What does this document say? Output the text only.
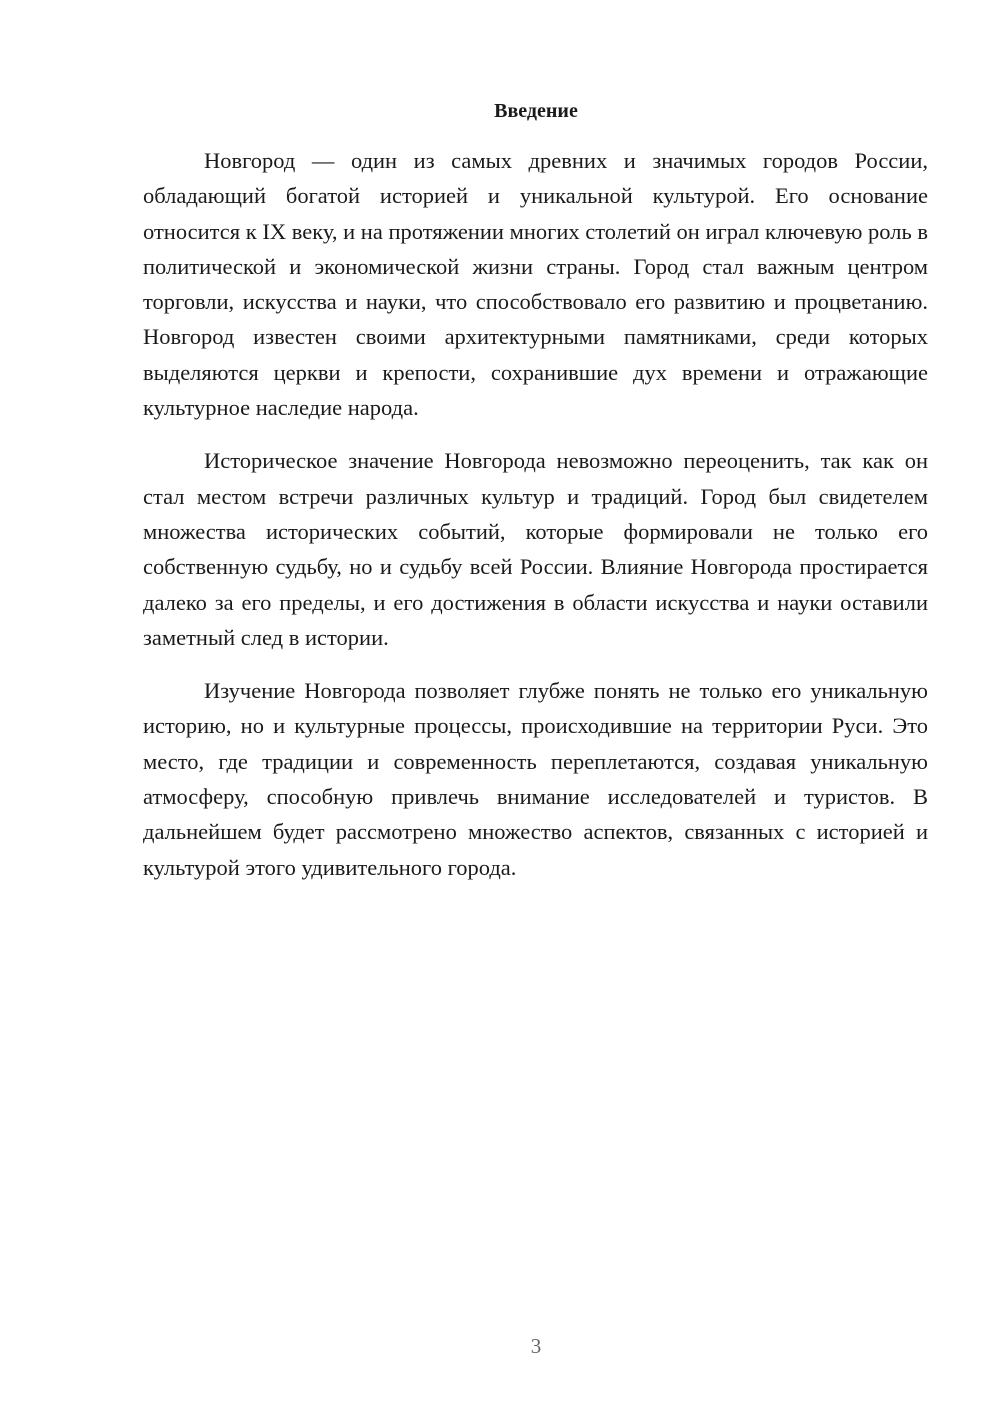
Введение

Новгород — один из самых древних и значимых городов России, обладающий богатой историей и уникальной культурой. Его основание относится к IX веку, и на протяжении многих столетий он играл ключевую роль в политической и экономической жизни страны. Город стал важным центром торговли, искусства и науки, что способствовало его развитию и процветанию. Новгород известен своими архитектурными памятниками, среди которых выделяются церкви и крепости, сохранившие дух времени и отражающие культурное наследие народа.

Историческое значение Новгорода невозможно переоценить, так как он стал местом встречи различных культур и традиций. Город был свидетелем множества исторических событий, которые формировали не только его собственную судьбу, но и судьбу всей России. Влияние Новгорода простирается далеко за его пределы, и его достижения в области искусства и науки оставили заметный след в истории.

Изучение Новгорода позволяет глубже понять не только его уникальную историю, но и культурные процессы, происходившие на территории Руси. Это место, где традиции и современность переплетаются, создавая уникальную атмосферу, способную привлечь внимание исследователей и туристов. В дальнейшем будет рассмотрено множество аспектов, связанных с историей и культурой этого удивительного города.

3
